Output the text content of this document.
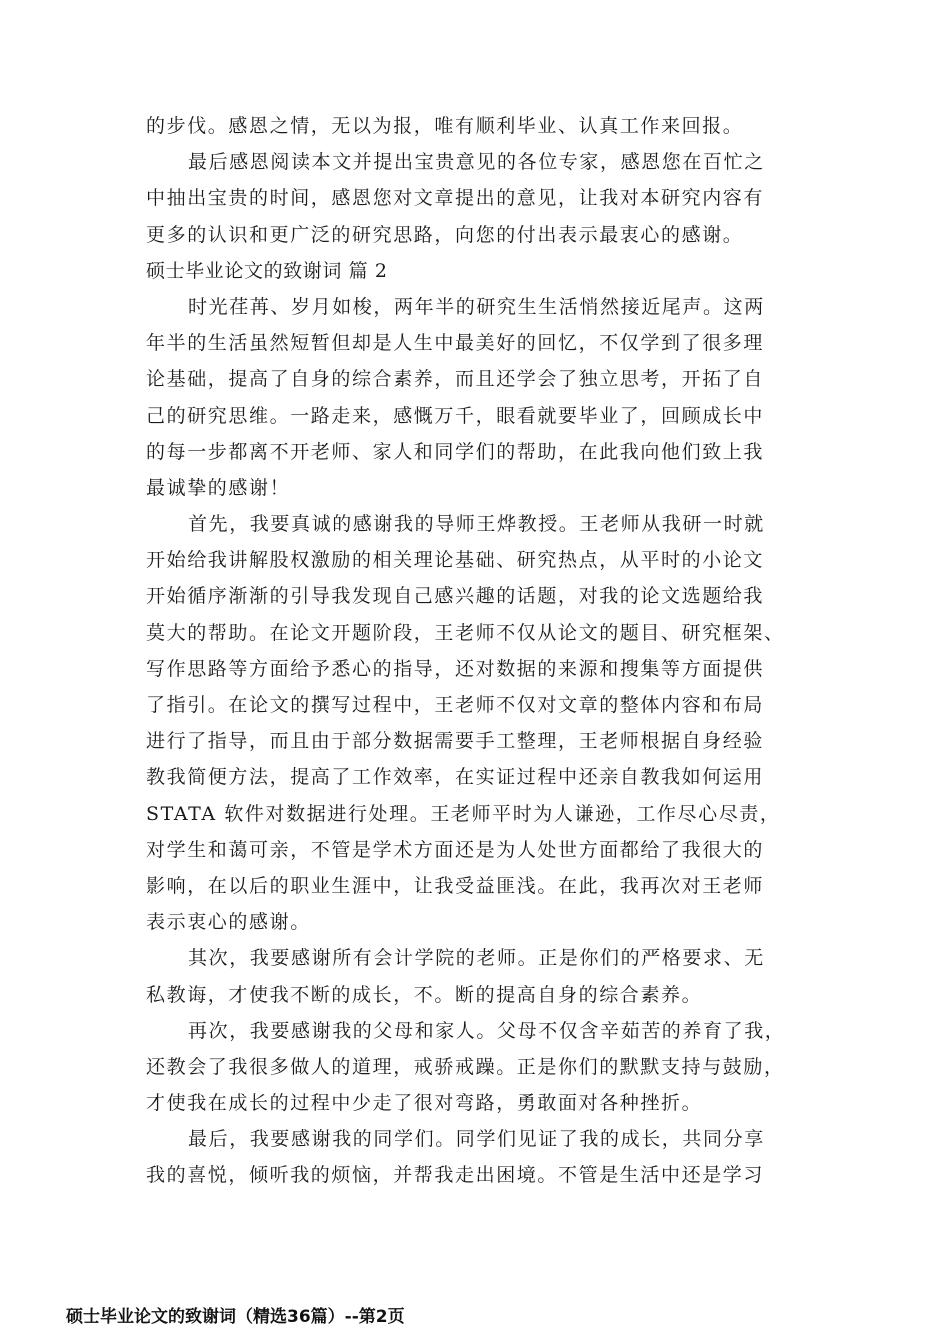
的步伐。感恩之情，无以为报，唯有顺利毕业、认真工作来回报。
最后感恩阅读本文并提出宝贵意见的各位专家，感恩您在百忙之
中抽出宝贵的时间，感恩您对文章提出的意见，让我对本研究内容有
更多的认识和更广泛的研究思路，向您的付出表示最衷心的感谢。
硕士毕业论文的致谢词 篇 2
时光荏苒、岁月如梭，两年半的研究生生活悄然接近尾声。这两
年半的生活虽然短暂但却是人生中最美好的回忆，不仅学到了很多理
论基础，提高了自身的综合素养，而且还学会了独立思考，开拓了自
己的研究思维。一路走来，感慨万千，眼看就要毕业了，回顾成长中
的每一步都离不开老师、家人和同学们的帮助，在此我向他们致上我
最诚挚的感谢！
首先，我要真诚的感谢我的导师王烨教授。王老师从我研一时就
开始给我讲解股权激励的相关理论基础、研究热点，从平时的小论文
开始循序渐渐的引导我发现自己感兴趣的话题，对我的论文选题给我
莫大的帮助。在论文开题阶段，王老师不仅从论文的题目、研究框架、
写作思路等方面给予悉心的指导，还对数据的来源和搜集等方面提供
了指引。在论文的撰写过程中，王老师不仅对文章的整体内容和布局
进行了指导，而且由于部分数据需要手工整理，王老师根据自身经验
教我简便方法，提高了工作效率，在实证过程中还亲自教我如何运用
STATA 软件对数据进行处理。王老师平时为人谦逊，工作尽心尽责，
对学生和蔼可亲，不管是学术方面还是为人处世方面都给了我很大的
影响，在以后的职业生涯中，让我受益匪浅。在此，我再次对王老师
表示衷心的感谢。
其次，我要感谢所有会计学院的老师。正是你们的严格要求、无
私教诲，才使我不断的成长，不。断的提高自身的综合素养。
再次，我要感谢我的父母和家人。父母不仅含辛茹苦的养育了我，
还教会了我很多做人的道理，戒骄戒躁。正是你们的默默支持与鼓励，
才使我在成长的过程中少走了很对弯路，勇敢面对各种挫折。
最后，我要感谢我的同学们。同学们见证了我的成长，共同分享
我的喜悦，倾听我的烦恼，并帮我走出困境。不管是生活中还是学习
硕士毕业论文的致谢词（精选36篇）--第2页
